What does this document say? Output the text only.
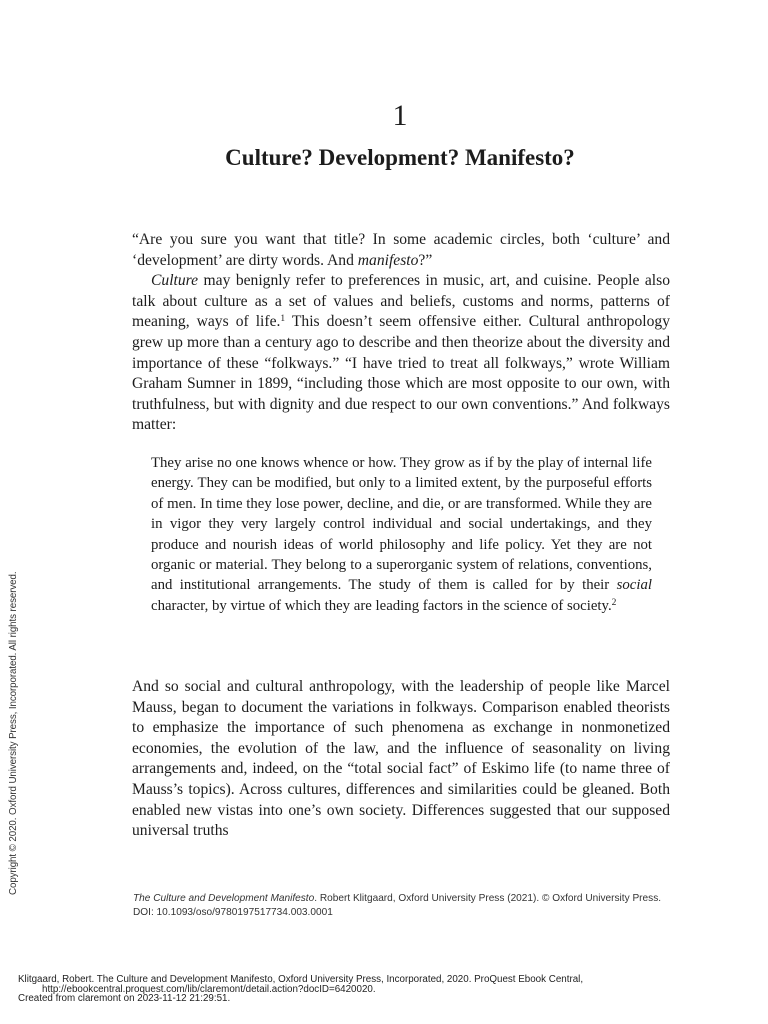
1
Culture? Development? Manifesto?

“Are you sure you want that title? In some academic circles, both ‘culture’ and ‘development’ are dirty words. And manifesto?”

Culture may benignly refer to preferences in music, art, and cuisine. People also talk about culture as a set of values and beliefs, customs and norms, patterns of meaning, ways of life.$^1$ This doesn’t seem offensive either. Cultural anthropology grew up more than a century ago to describe and then theorize about the diversity and importance of these “folkways.” “I have tried to treat all folkways,” wrote William Graham Sumner in 1899, “including those which are most opposite to our own, with truthfulness, but with dignity and due respect to our own conventions.” And folkways matter:

They arise no one knows whence or how. They grow as if by the play of internal life energy. They can be modified, but only to a limited extent, by the purposeful efforts of men. In time they lose power, decline, and die, or are transformed. While they are in vigor they very largely control individual and social undertakings, and they produce and nourish ideas of world philosophy and life policy. Yet they are not organic or material. They belong to a superorganic system of relations, conventions, and institutional arrangements. The study of them is called for by their social character, by virtue of which they are leading factors in the science of society.$^2$

And so social and cultural anthropology, with the leadership of people like Marcel Mauss, began to document the variations in folkways. Comparison enabled theorists to emphasize the importance of such phenomena as exchange in nonmonetized economies, the evolution of the law, and the influence of seasonality on living arrangements and, indeed, on the “total social fact” of Eskimo life (to name three of Mauss’s topics). Across cultures, differences and similarities could be gleaned. Both enabled new vistas into one’s own society. Differences suggested that our supposed universal truths

Copyright © 2020. Oxford University Press, Incorporated. All rights reserved.
The Culture and Development Manifesto. Robert Klitgaard, Oxford University Press (2021). © Oxford University Press.
DOI: 10.1093/oso/9780197517734.003.0001
Klitgaard, Robert. The Culture and Development Manifesto, Oxford University Press, Incorporated, 2020. ProQuest Ebook Central,
http://ebookcentral.proquest.com/lib/claremont/detail.action?docID=6420020.
Created from claremont on 2023-11-12 21:29:51.
